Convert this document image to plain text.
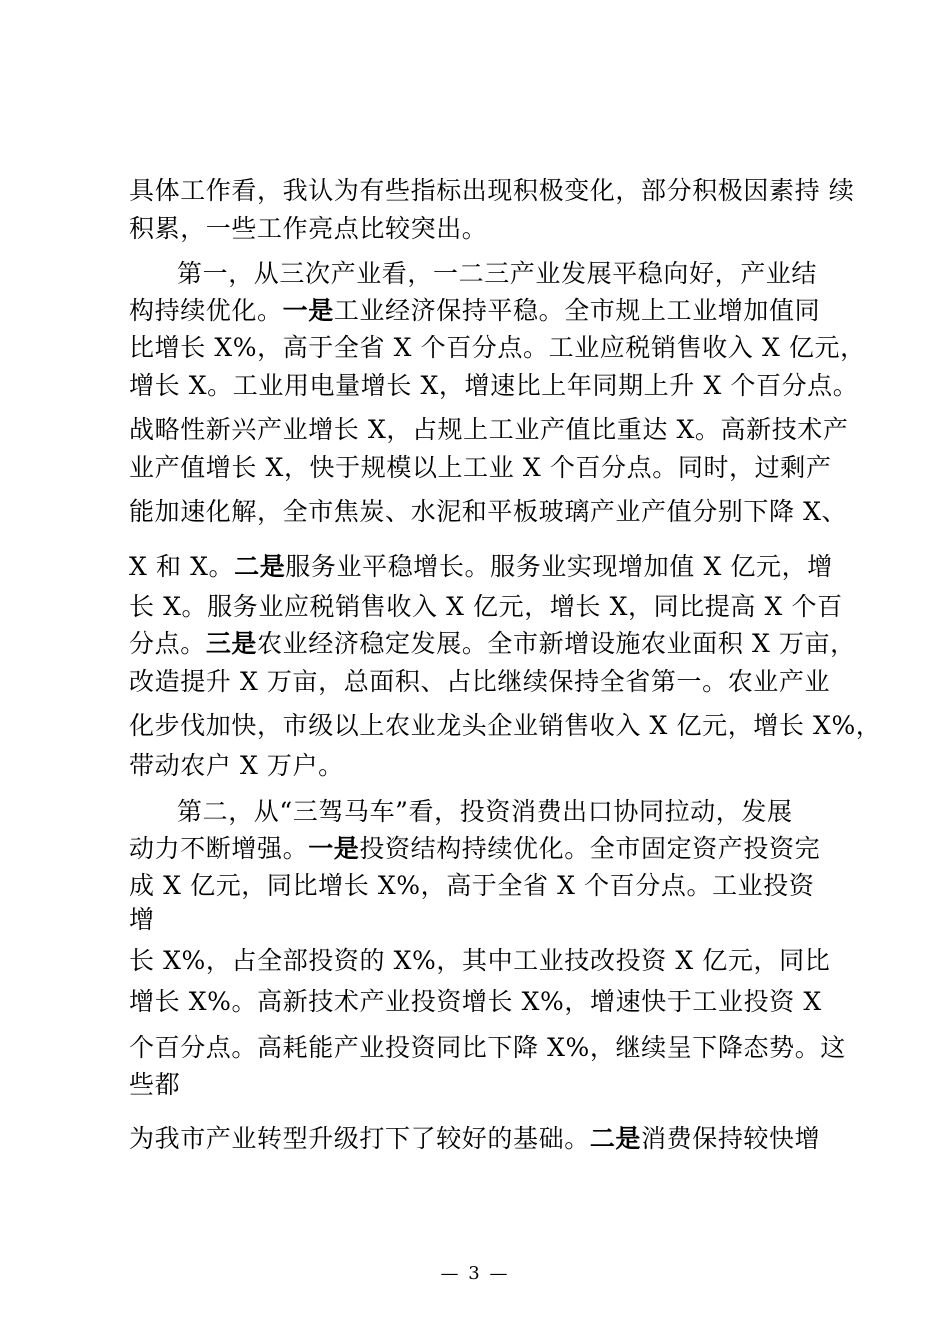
具体工作看，我认为有些指标出现积极变化，部分积极因素持 续
积累，一些工作亮点比较突出。
第一，从三次产业看，一二三产业发展平稳向好，产业结
构持续优化。一是工业经济保持平稳。全市规上工业增加值同
比增长 X%，高于全省 X 个百分点。工业应税销售收入 X 亿元，
增长 X。工业用电量增长 X，增速比上年同期上升 X 个百分点。
战略性新兴产业增长 X，占规上工业产值比重达 X。高新技术产
业产值增长 X，快于规模以上工业 X 个百分点。同时，过剩产
能加速化解，全市焦炭、水泥和平板玻璃产业产值分别下降 X、
X 和 X。二是服务业平稳增长。服务业实现增加值 X 亿元，增
长 X。服务业应税销售收入 X 亿元，增长 X，同比提高 X 个百
分点。三是农业经济稳定发展。全市新增设施农业面积 X 万亩，
改造提升 X 万亩，总面积、占比继续保持全省第一。农业产业
化步伐加快，市级以上农业龙头企业销售收入 X 亿元，增长 X%，
带动农户 X 万户。
第二，从“三驾马车”看，投资消费出口协同拉动，发展
动力不断增强。一是投资结构持续优化。全市固定资产投资完
成 X 亿元，同比增长 X%，高于全省 X 个百分点。工业投资
增
长 X%，占全部投资的 X%，其中工业技改投资 X 亿元，同比
增长 X%。高新技术产业投资增长 X%，增速快于工业投资 X
个百分点。高耗能产业投资同比下降 X%，继续呈下降态势。这
些都
为我市产业转型升级打下了较好的基础。二是消费保持较快增
— 3 —
